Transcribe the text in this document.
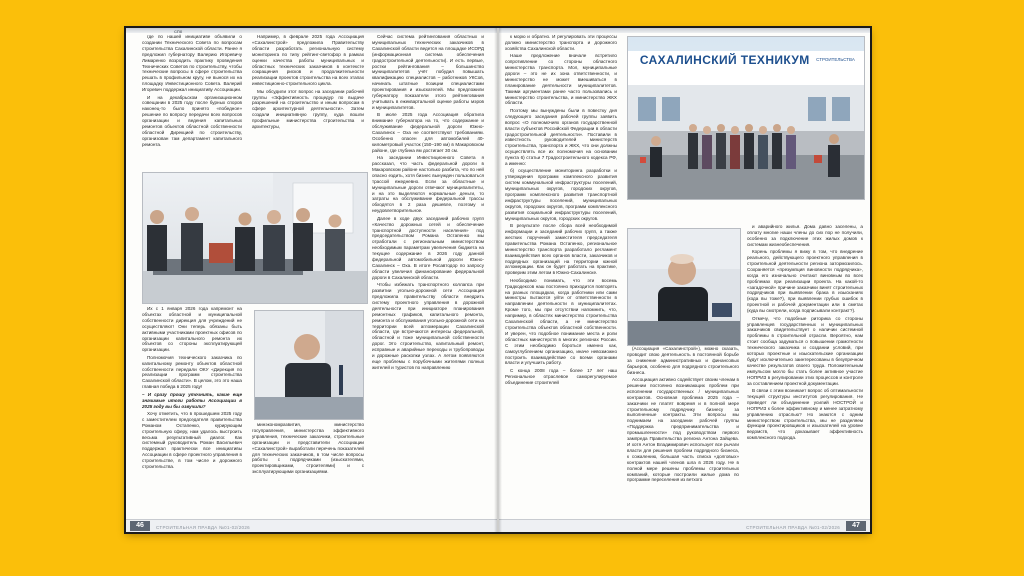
СПб

где по нашей инициативе объявили о создании Технического Совета по вопросам строительства Сахалинской области. Ранее я предложил губернатору Валерию Игоревичу Лимаренко возродить практику проведения Технических Советов по строительству, чтобы технические вопросы в сфере строительства решать в профильном кругу, не вынося их на площадку Инвестиционного Совета. Валерий Игоревич поддержал инициативу Ассоциации.

И на декабрьском организационном совещании в 2025 году после бурных споров наконец-то было принято «победное» решение по вопросу передачи всех вопросов организации и ведения капитальных ремонтов объектов областной собственности областной Дирекцией по строительству, организован там департамент капитального ремонта.

Их с 1 января 2026 года капремонт на объектах областной и муниципальной собственности дирекция для учреждений не осуществляют! Они теперь обязаны быть активными участниками проектных офисов по организации капитального ремонта их объектов со стороны эксплуатирующей организации.

Полномочия технического заказчика по капитальному ремонту объектов областной собственности передали ОКУ «Дирекция по реализации программ строительства Сахалинской области». В целом, это это наша главная победа в 2025 году!

– И сразу прошу уточнить, какие еще значимые итоги работы Ассоциации в 2025 году вы бы озвучили?

Хочу отметить, что в прошедшем 2025 году с заместителем председателя правительства Романом Остапенко, курирующим строительную сферу, нам удалось выстроить весьма результативный диалог. Как системный руководитель Роман Васильевич поддержал практически все инициативы Ассоциации в сфере проектного управления в строительстве, в том числе и дорожного строительства.

Например, в феврале 2025 года Ассоциация «Сахалинстрой» предложила Правительству области разработать региональную систему мониторинга по типу рейтинг-светофор в рамках оценки качества работы муниципальных и областных технических заказчиков в контексте сокращения рисков и продолжительности реализации проектов строительства на всех этапах инвестиционно-строительного цикла.

Мы обсудили этот вопрос на заседании рабочей группы «Эффективность процедур по выдаче разрешений на строительство и иным вопросам в сфере архитектурной деятельности». Затем создали инициативную группу, куда вошли профильные министерства строительства и архитектуры,

минэкономразвития, министерство госуправления, министерства эффективного управления, технические заказчики, строительные организации и представители Ассоциации «Сахалинстрой» выработали перечень показателей для технических заказчиков, в том числе вопросы работы с подрядчиками (изыскателями, проектировщиками, строителями) и с эксплуатирующими организациями.

Сейчас система рейтингования областных и муниципальных технических заказчиков в Сахалинской области ведется на площадке ИСОРД (информационная система обеспечения градостроительной деятельности). И есть первые, ростки рейтингования – большинство муниципалитетов учёт побудил повышать квалификацию специалистов – работников УКСов, начинать штатные позиции специалистами проектирования и изыскателей. Мы предложили губернатору показатели этого рейтингования учитывать в ежеквартальной оценке работы мэров и муниципалитетов.

В июле 2025 года Ассоциация обратила внимание губернатора на то, что содержание и обслуживание федеральной дороги Южно-Сахалинск – Оха не соответствуют требованиям. Особенно опасен для автомобилей 40-километровый участок (150–190 км) в Макаровском районе, где глубина ям достигает 30 см.

На заседании Инвестиционного Совета я рассказал, что часть федеральной дороги в Макаровском районе настолько разбита, что по ней опасно ездить, хотя бизнес вынужден пользоваться трассой ежедневно. Если за областные и муниципальные дороги отвечают муниципалитеты, и на это выделяются нормальные деньги, то затраты на обслуживание федеральной трассы обходятся в 2 раза дешевле, поэтому и неудовлетворительное.

Далее в ходе двух заседаний рабочих групп «Качество дорожных сетей и обеспечение транспортной доступности населения» под председательством Романа Остапенко мы отработали с региональным министерством необходимым параметрам увеличения бюджета на текущее содержание в 2026 году данной федеральной автомобильной дороги Южно-Сахалинск – Оха. В итоге Росавтодор по запросу области увеличил финансирование федеральной дороги в Сахалинской области.

Чтобы избежать транспортного коллапса при развитии угольно-дорожной сети Ассоциация предложила правительству области внедрить систему проектного управления в дорожной деятельности при инициаторе планирования ремонтных графиков, капитального ремонта, ремонта и обслуживания угольно-дорожной сети на территории всей агломерации Сахалинской области, где встречаются интересы федеральной, областной и тоже муниципальной собственности дорог. Это строительство, капитальный ремонт, исправные и аварийные переходы и трубопроводы и дорожные раскопки узлах. А летом появляются еще проблемы с порубочными жителями полных жителей и туристов по направлению

46	СТРОИТЕЛЬНАЯ ПРАВДА №01-02/2026

к морю и обратно. И регулировать эти процессы должно министерство транспорта и дорожного хозяйства Сахалинской области.

Наше предложение вначале встретило сопротивление со стороны областного министерства транспорта. Мол, муниципальные дороги – это не их зона ответственности, и министерство не может вмешиваться в планирование деятельности муниципалитетов. Такими аргументами ранее часто пользовались и министерство строительства, и министерство ЖКХ области.

Поэтому мы вынуждены были в повестку дня следующего заседания рабочей группы заявить вопрос «О полномочиях органов государственной власти субъектов Российской Федерации в области градостроительной деятельности». Поставили в известность руководителей министерств строительства, транспорта и ЖКХ, что они должны осуществлять все их полномочия на основании пункта 6) статьи 7 Градостроительного кодекса РФ, а именно:

б) осуществление мониторинга разработки и утверждения программ комплексного развития систем коммунальной инфраструктуры поселений, муниципальных округов, городских округов, программ комплексного развития транспортной инфраструктуры поселений, муниципальных округов, городских округов, программ комплексного развития социальной инфраструктуры поселений, муниципальных округов, городских округов.

В результате после сбора всей необходимой информации и заседаний рабочих групп, а также жестких поручений заместителя председателя правительства Романа Остапенко, региональное министерство транспорта разработало регламент взаимодействия всех органов власти, заказчиков и подрядных организаций на территории южной агломерации. Как он будет работать на практике, проверим этим летом в Южно-Сахалинске.

Необходимо понимать, что эти восемь Градкодексов наш постоянно приходится повторять на разных площадках, когда работники или сами министры пытаются уйти от ответственности в направлении деятельности в муниципалитетах. Кроме того, мы при отсутствии напомнить, что, например, в областях министерство строительства Сахалинской области, а не министерство строительства объектов областной собственности. И уверен, что подобное понимание места и роли областных министерств в многих регионах России. С этим необходимо бороться именно как, самоуглублением организацию, иначе невозможно построить взаимодействие со всеми органами власти и улучшить работу.

С конца 2008 года – более 17 лет наш Региональное отраслевое саморегулируемое объединение строителей

САХАЛИНСКИЙ ТЕХНИКУМ СТРОИТЕЛЬСТВА

(Ассоциация «Сахалинстрой»), можно сказать, проводит свою деятельность в постоянной борьбе за снижение административных и финансовых барьеров, особенно для подрядного строительного бизнеса.

Ассоциация активно содействует своим членам в решении постоянно возникающих проблем при исполнении государственных / муниципальных контрактов. Основная проблема 2025 года – заказчики не платят вовремя и в полной мере строительному подрядчику бизнесу за выполненные контракты. Эти вопросы мы поднимаем на заседании рабочей группы «Поддержка предпринимательства и промышленности» под руководством первого зампреда Правительства региона Антона Зайцева. И хотя Антон Владимирович использует все рычаги власти для решения проблем подрядного бизнеса, к сожалению, большая часть списка «долговых» контрактов нашей членов шла в 2026 году. Не в полной мере решены проблемы строительных компаний, которые построили жилые дома по программе переселения из ветхого

и аварийного жилья. Дома давно заселены, а оплату многие наши члены до сих пор не получили, особенно за подключение этих жилых домов к системам жизнеобеспечения.

Корень проблемы я вижу в том, что внедрение реального, действующего проектного управления в строительной деятельности региона затормозилось. Сохраняется «презумпция виновности подрядчика», когда его изначально считают виновным во всех проблемах при реализации проекта. На какой-то «загадочной» причине заказчики винят строительных подрядчиков при выявлении брака в изысканиях (кода вы тоже?), при выявлении грубых ошибок в проектной и рабочей документации или в сметах (куда вы смотрели, когда подписывали контракт?).

Отмечу, что подобные риторика со стороны управленцев государственных и муниципальных заказчиков свидетельствует о наличии системной проблемы в строительной отрасли. Вероятно, нам стоит сообща задуматься о повышении грамотности технического заказчика и создании условий, при которых проектные и изыскательские организации будут исключительно заинтересованы в безупречном качестве результатов своего труда. Положительным импульсом могло бы стать более активное участие НОПРИЗ в регулировании этих процессов и контроле за составлением проектной документации.

В связи с этим возникает вопрос об оптимальности текущей структуры институтов регулирования. Не приведет ли объединение усилий НОСТРОЙ и НОПРИЗ к более эффективному и менее затратному управлению отраслью? Но знаются с одним министерством строительства, мы не разделяем функции проектировщиков и изыскателей на уровне ведомств, что доказывает эффективность комплексного подхода.

СТРОИТЕЛЬНАЯ ПРАВДА №01-02/2026	47
